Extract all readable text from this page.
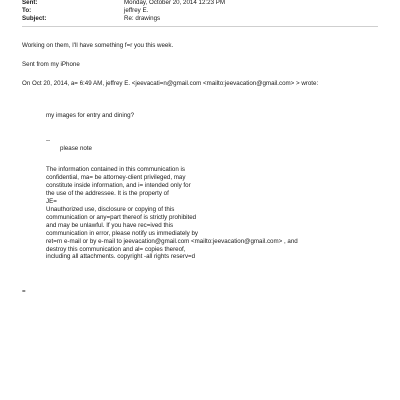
Sent:	Monday, October 20, 2014 12:23 PM
To:	jeffrey E.
Subject:	Re: drawings
Working on them, I'll have something f=r you this week.
Sent from my iPhone
On Oct 20, 2014, a= 6:49 AM, jeffrey E. <jeevacati=n@gmail.com <mailto:jeevacation@gmail.com> > wrote:
my images for entry and dining?
--
please note
The information contained in this communication is
confidential, ma= be attorney-client privileged, may
constitute inside information, and i= intended only for
the use of the addressee. It is the property of
JE=
Unauthorized use, disclosure or copying of this
communication or any=part thereof is strictly prohibited
and may be unlawful. If you have rec=ived this
communication in error, please notify us immediately by
ret=rn e-mail or by e-mail to jeevacation@gmail.com <mailto:jeevacation@gmail.com> , and
destroy this communication and al= copies thereof,
including all attachments. copyright -all rights reserv=d
=
